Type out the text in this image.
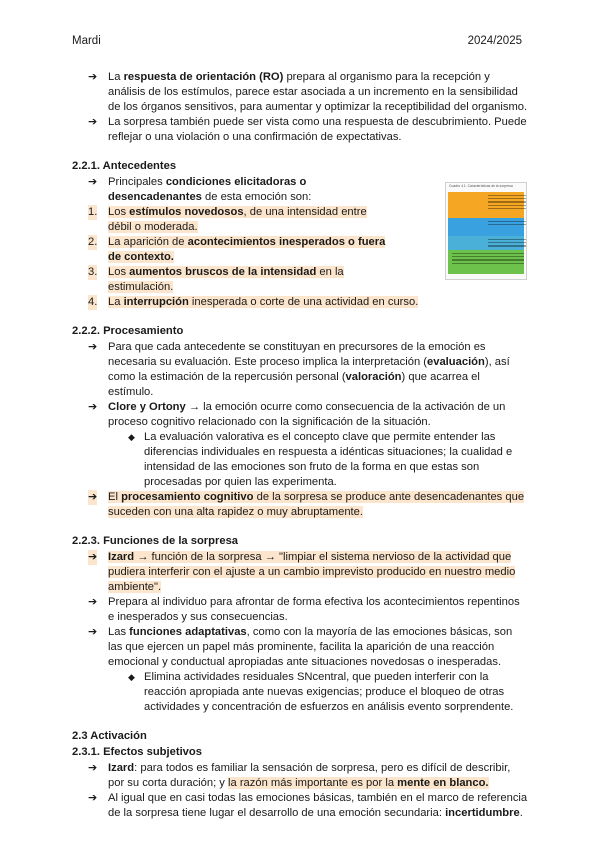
Mardi	2024/2025
Cuadro 4.1. Características de la sorpresa
➔ La respuesta de orientación (RO) prepara al organismo para la recepción y análisis de los estímulos, parece estar asociada a un incremento en la sensibilidad de los órganos sensitivos, para aumentar y optimizar la receptibilidad del organismo.
➔ La sorpresa también puede ser vista como una respuesta de descubrimiento. Puede reflejar o una violación o una confirmación de expectativas.
2.2.1. Antecedentes
➔ Principales condiciones elicitadoras o desencadenantes de esta emoción son:
1. Los estímulos novedosos, de una intensidad entre débil o moderada.
2. La aparición de acontecimientos inesperados o fuera de contexto.
3. Los aumentos bruscos de la intensidad en la estimulación.
4. La interrupción inesperada o corte de una actividad en curso.
2.2.2. Procesamiento
➔ Para que cada antecedente se constituyan en precursores de la emoción es necesaria su evaluación. Este proceso implica la interpretación (evaluación), así como la estimación de la repercusión personal (valoración) que acarrea el estímulo.
➔ Clore y Ortony → la emoción ocurre como consecuencia de la activación de un proceso cognitivo relacionado con la significación de la situación.
◆ La evaluación valorativa es el concepto clave que permite entender las diferencias individuales en respuesta a idénticas situaciones; la cualidad e intensidad de las emociones son fruto de la forma en que estas son procesadas por quien las experimenta.
➔ El procesamiento cognitivo de la sorpresa se produce ante desencadenantes que suceden con una alta rapidez o muy abruptamente.
2.2.3. Funciones de la sorpresa
➔ Izard → función de la sorpresa → "limpiar el sistema nervioso de la actividad que pudiera interferir con el ajuste a un cambio imprevisto producido en nuestro medio ambiente".
➔ Prepara al individuo para afrontar de forma efectiva los acontecimientos repentinos e inesperados y sus consecuencias.
➔ Las funciones adaptativas, como con la mayoría de las emociones básicas, son las que ejercen un papel más prominente, facilita la aparición de una reacción emocional y conductual apropiadas ante situaciones novedosas o inesperadas.
◆ Elimina actividades residuales SNcentral, que pueden interferir con la reacción apropiada ante nuevas exigencias; produce el bloqueo de otras actividades y concentración de esfuerzos en análisis evento sorprendente.
2.3 Activación
2.3.1. Efectos subjetivos
➔ Izard: para todos es familiar la sensación de sorpresa, pero es difícil de describir, por su corta duración; y la razón más importante es por la mente en blanco.
➔ Al igual que en casi todas las emociones básicas, también en el marco de referencia de la sorpresa tiene lugar el desarrollo de una emoción secundaria: incertidumbre.
